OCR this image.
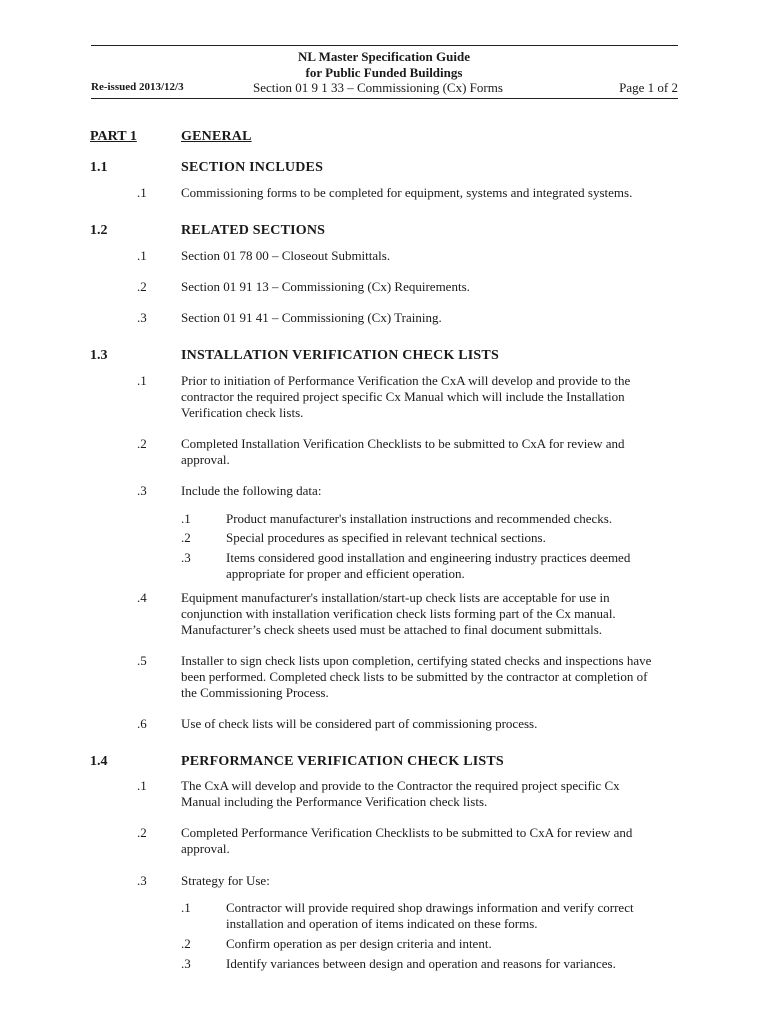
NL Master Specification Guide
for Public Funded Buildings
Re-issued 2013/12/3	Section 01 9 1 33 – Commissioning (Cx) Forms	Page 1 of 2
PART 1	GENERAL
1.1	SECTION INCLUDES
.1	Commissioning forms to be completed for equipment, systems and integrated systems.
1.2	RELATED SECTIONS
.1	Section 01 78 00 – Closeout Submittals.
.2	Section 01 91 13 – Commissioning (Cx) Requirements.
.3	Section 01 91 41 – Commissioning (Cx) Training.
1.3	INSTALLATION VERIFICATION CHECK LISTS
.1	Prior to initiation of Performance Verification the CxA will develop and provide to the
contractor the required project specific Cx Manual which will include the Installation
Verification check lists.
.2	Completed Installation Verification Checklists to be submitted to CxA for review and
approval.
.3	Include the following data:
.1	Product manufacturer's installation instructions and recommended checks.
.2	Special procedures as specified in relevant technical sections.
.3	Items considered good installation and engineering industry practices deemed
appropriate for proper and efficient operation.
.4	Equipment manufacturer's installation/start-up check lists are acceptable for use in
conjunction with installation verification check lists forming part of the Cx manual.
Manufacturer’s check sheets used must be attached to final document submittals.
.5	Installer to sign check lists upon completion, certifying stated checks and inspections have
been performed. Completed check lists to be submitted by the contractor at completion of
the Commissioning Process.
.6	Use of check lists will be considered part of commissioning process.
1.4	PERFORMANCE VERIFICATION CHECK LISTS
.1	The CxA will develop and provide to the Contractor the required project specific Cx
Manual including the Performance Verification check lists.
.2	Completed Performance Verification Checklists to be submitted to CxA for review and
approval.
.3	Strategy for Use:
.1	Contractor will provide required shop drawings information and verify correct
installation and operation of items indicated on these forms.
.2	Confirm operation as per design criteria and intent.
.3	Identify variances between design and operation and reasons for variances.
